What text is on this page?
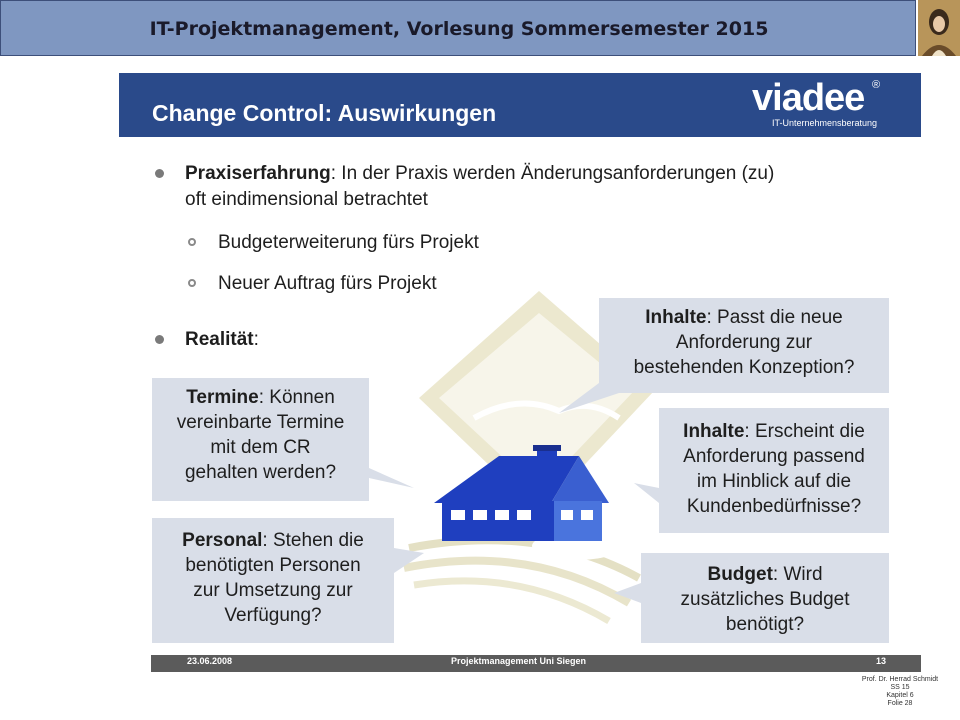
IT-Projektmanagement, Vorlesung Sommersemester 2015
Change Control: Auswirkungen	viadee ®
IT-Unternehmensberatung
Praxiserfahrung: In der Praxis werden Änderungsanforderungen (zu)
oft eindimensional betrachtet
Budgeterweiterung fürs Projekt
Neuer Auftrag fürs Projekt
Realität:
Inhalte: Passt die neue
Anforderung zur
bestehenden Konzeption?
Termine: Können
vereinbarte Termine
mit dem CR
gehalten werden?
Inhalte: Erscheint die
Anforderung passend
im Hinblick auf die
Kundenbedürfnisse?
Personal: Stehen die
benötigten Personen
zur Umsetzung zur
Verfügung?
Budget: Wird
zusätzliches Budget
benötigt?
23.06.2008	Projektmanagement Uni Siegen	13
Prof. Dr. Herrad Schmidt
SS 15
Kapitel 6
Folie 28
